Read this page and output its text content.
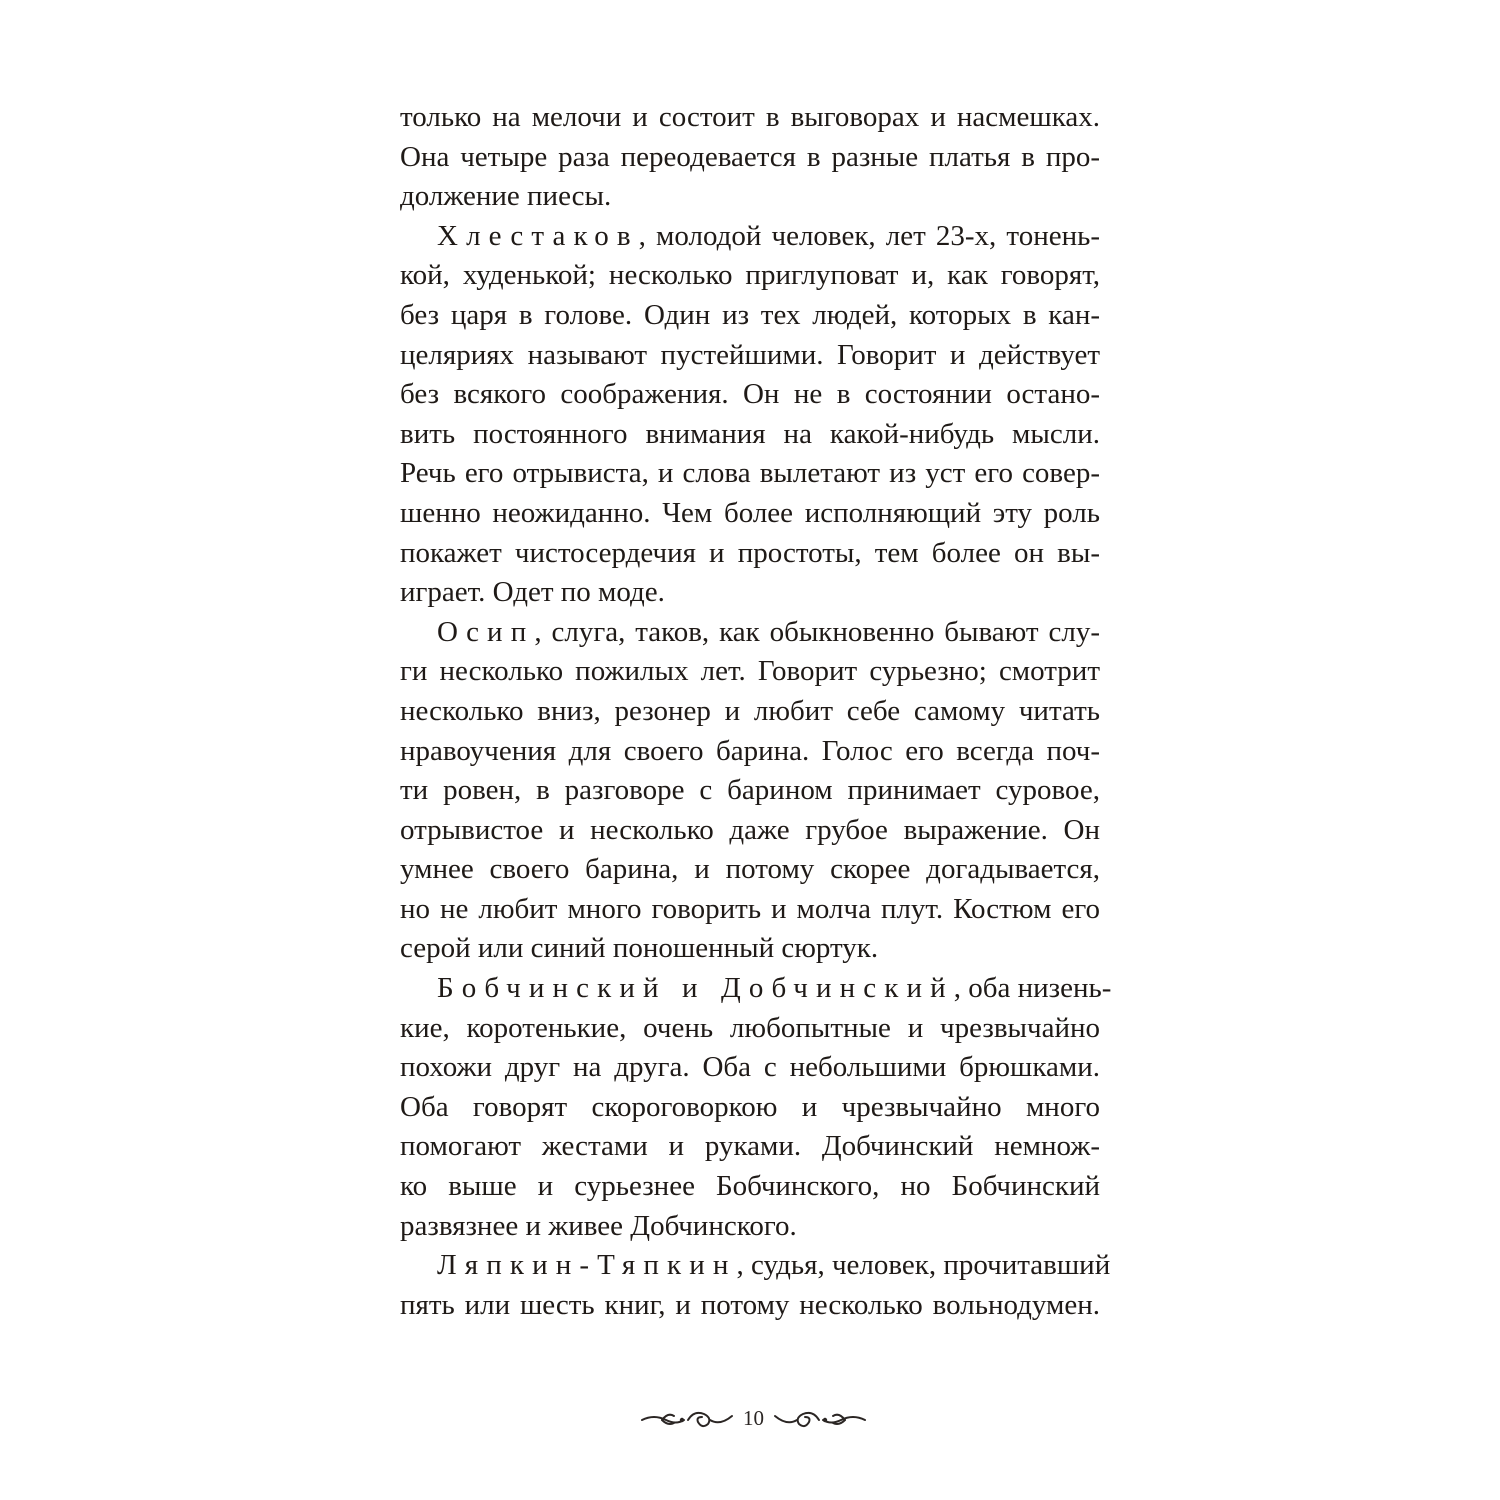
только на мелочи и состоит в выговорах и насмешках.
Она четыре раза переодевается в разные платья в про-
должение пиесы.
Хлестаков, молодой человек, лет 23-х, тонень-
кой, худенькой; несколько приглуповат и, как говорят,
без царя в голове. Один из тех людей, которых в кан-
целяриях называют пустейшими. Говорит и действует
без всякого соображения. Он не в состоянии остано-
вить постоянного внимания на какой-нибудь мысли.
Речь его отрывиста, и слова вылетают из уст его совер-
шенно неожиданно. Чем более исполняющий эту роль
покажет чистосердечия и простоты, тем более он вы-
играет. Одет по моде.
Осип, слуга, таков, как обыкновенно бывают слу-
ги несколько пожилых лет. Говорит сурьезно; смотрит
несколько вниз, резонер и любит себе самому читать
нравоучения для своего барина. Голос его всегда поч-
ти ровен, в разговоре с барином принимает суровое,
отрывистое и несколько даже грубое выражение. Он
умнее своего барина, и потому скорее догадывается,
но не любит много говорить и молча плут. Костюм его
серой или синий поношенный сюртук.
Бобчинский и Добчинский, оба низень-
кие, коротенькие, очень любопытные и чрезвычайно
похожи друг на друга. Оба с небольшими брюшками.
Оба говорят скороговоркою и чрезвычайно много
помогают жестами и руками. Добчинский немнож-
ко выше и сурьезнее Бобчинского, но Бобчинский
развязнее и живее Добчинского.
Ляпкин-Тяпкин, судья, человек, прочитавший
пять или шесть книг, и потому несколько вольнодумен.
10
